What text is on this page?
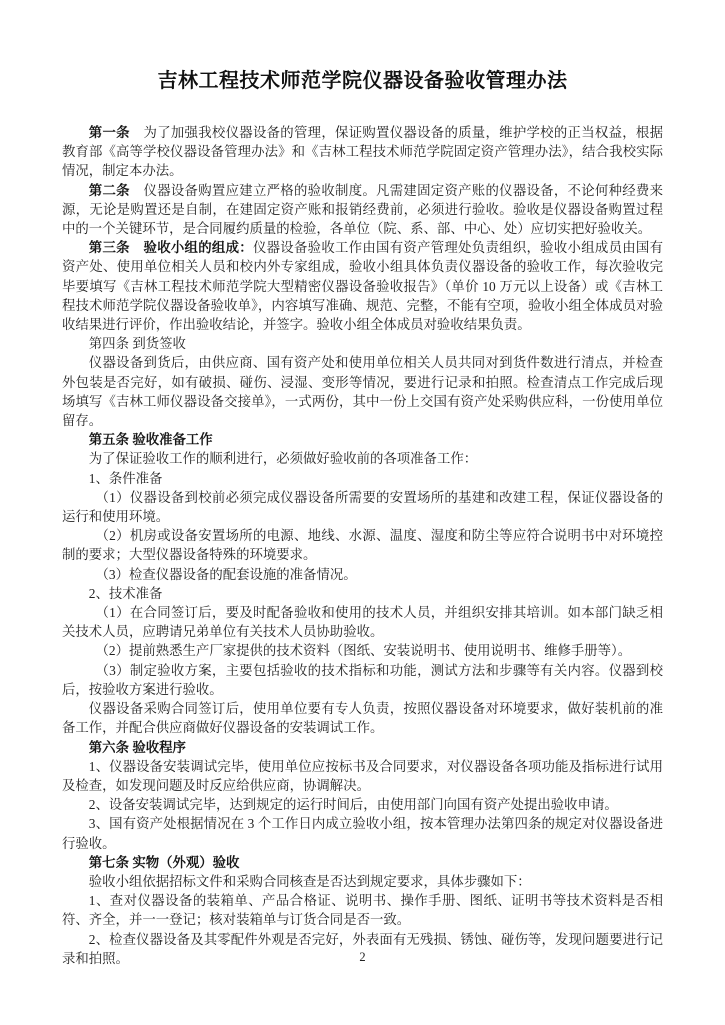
吉林工程技术师范学院仪器设备验收管理办法

第一条　为了加强我校仪器设备的管理，保证购置仪器设备的质量，维护学校的正当权益，根据教育部《高等学校仪器设备管理办法》和《吉林工程技术师范学院固定资产管理办法》，结合我校实际情况，制定本办法。

第二条　仪器设备购置应建立严格的验收制度。凡需建固定资产账的仪器设备，不论何种经费来源，无论是购置还是自制，在建固定资产账和报销经费前，必须进行验收。验收是仪器设备购置过程中的一个关键环节，是合同履约质量的检验，各单位（院、系、部、中心、处）应切实把好验收关。

第三条　验收小组的组成：仪器设备验收工作由国有资产管理处负责组织，验收小组成员由国有资产处、使用单位相关人员和校内外专家组成，验收小组具体负责仪器设备的验收工作，每次验收完毕要填写《吉林工程技术师范学院大型精密仪器设备验收报告》（单价 10 万元以上设备）或《吉林工程技术师范学院仪器设备验收单》，内容填写准确、规范、完整，不能有空项，验收小组全体成员对验收结果进行评价，作出验收结论，并签字。验收小组全体成员对验收结果负责。

第四条 到货签收

仪器设备到货后，由供应商、国有资产处和使用单位相关人员共同对到货件数进行清点，并检查外包装是否完好，如有破损、碰伤、浸湿、变形等情况，要进行记录和拍照。检查清点工作完成后现场填写《吉林工师仪器设备交接单》，一式两份，其中一份上交国有资产处采购供应科，一份使用单位留存。

第五条 验收准备工作

为了保证验收工作的顺利进行，必须做好验收前的各项准备工作：

1、条件准备

（1）仪器设备到校前必须完成仪器设备所需要的安置场所的基建和改建工程，保证仪器设备的运行和使用环境。

（2）机房或设备安置场所的电源、地线、水源、温度、湿度和防尘等应符合说明书中对环境控制的要求；大型仪器设备特殊的环境要求。

（3）检查仪器设备的配套设施的准备情况。

2、技术准备

（1）在合同签订后，要及时配备验收和使用的技术人员，并组织安排其培训。如本部门缺乏相关技术人员，应聘请兄弟单位有关技术人员协助验收。

（2）提前熟悉生产厂家提供的技术资料（图纸、安装说明书、使用说明书、维修手册等）。

（3）制定验收方案，主要包括验收的技术指标和功能，测试方法和步骤等有关内容。仪器到校后，按验收方案进行验收。

仪器设备采购合同签订后，使用单位要有专人负责，按照仪器设备对环境要求，做好装机前的准备工作，并配合供应商做好仪器设备的安装调试工作。

第六条 验收程序

1、仪器设备安装调试完毕，使用单位应按标书及合同要求，对仪器设备各项功能及指标进行试用及检查，如发现问题及时反应给供应商，协调解决。

2、设备安装调试完毕，达到规定的运行时间后，由使用部门向国有资产处提出验收申请。

3、国有资产处根据情况在 3 个工作日内成立验收小组，按本管理办法第四条的规定对仪器设备进行验收。

第七条 实物（外观）验收

验收小组依据招标文件和采购合同核查是否达到规定要求，具体步骤如下：

1、查对仪器设备的装箱单、产品合格证、说明书、操作手册、图纸、证明书等技术资料是否相符、齐全，并一一登记；核对装箱单与订货合同是否一致。

2、检查仪器设备及其零配件外观是否完好，外表面有无残损、锈蚀、碰伤等，发现问题要进行记录和拍照。	2
